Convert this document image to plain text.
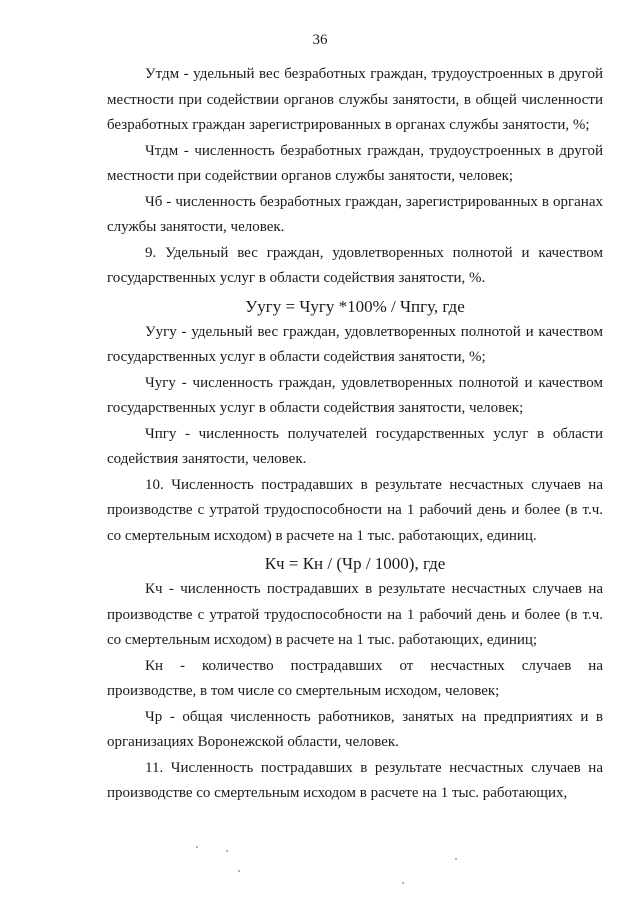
36

Утдм - удельный вес безработных граждан, трудоустроенных в другой местности при содействии органов службы занятости, в общей численности безработных граждан зарегистрированных в органах службы занятости, %;

Чтдм - численность безработных граждан, трудоустроенных в другой местности при содействии органов службы занятости, человек;

Чб - численность безработных граждан, зарегистрированных в органах службы занятости, человек.

9. Удельный вес граждан, удовлетворенных полнотой и качеством государственных услуг в области содействия занятости, %.

Уугу = Чугу *100% / Чпгу, где

Уугу - удельный вес граждан, удовлетворенных полнотой и качеством государственных услуг в области содействия занятости, %;

Чугу - численность граждан, удовлетворенных полнотой и качеством государственных услуг в области содействия занятости, человек;

Чпгу - численность получателей государственных услуг в области содействия занятости, человек.

10. Численность пострадавших в результате несчастных случаев на производстве с утратой трудоспособности на 1 рабочий день и более (в т.ч. со смертельным исходом) в расчете на 1 тыс. работающих, единиц.

Кч = Кн / (Чр / 1000), где

Кч - численность пострадавших в результате несчастных случаев на производстве с утратой трудоспособности на 1 рабочий день и более (в т.ч. со смертельным исходом) в расчете на 1 тыс. работающих, единиц;

Кн - количество пострадавших от несчастных случаев на производстве, в том числе со смертельным исходом, человек;

Чр - общая численность работников, занятых на предприятиях и в организациях Воронежской области, человек.

11. Численность пострадавших в результате несчастных случаев на производстве со смертельным исходом в расчете на 1 тыс. работающих,
